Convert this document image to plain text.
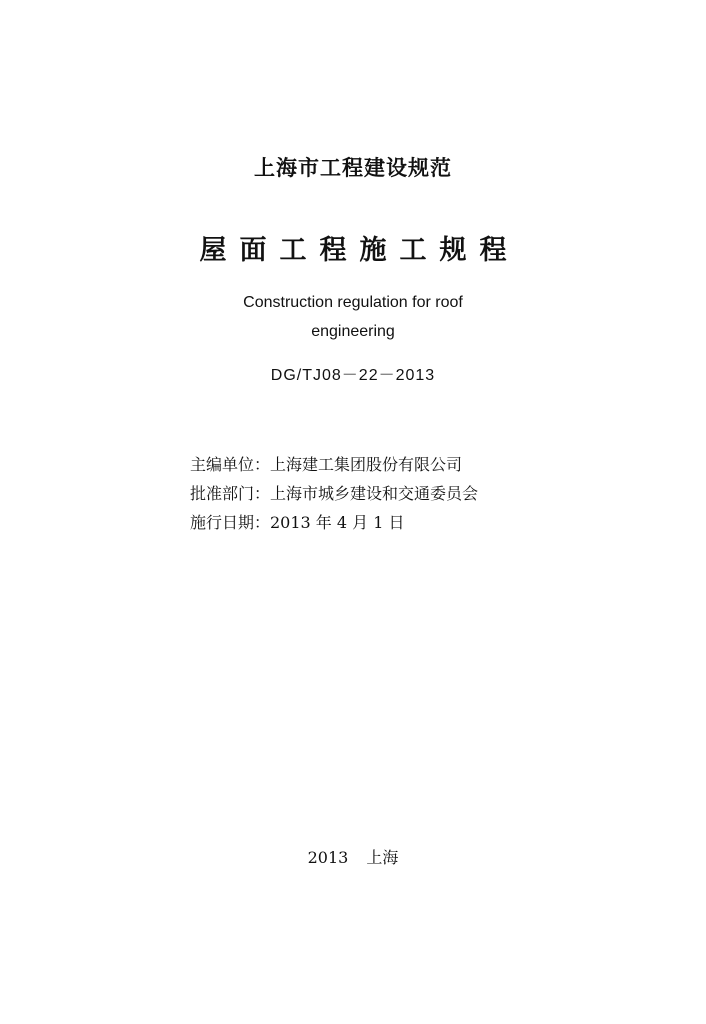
上海市工程建设规范
屋面工程施工规程
Construction regulation for roof
engineering
DG/TJ08－22－2013
主编单位：上海建工集团股份有限公司
批准部门：上海市城乡建设和交通委员会
施行日期：2013 年 4 月 1 日
2013 上海
